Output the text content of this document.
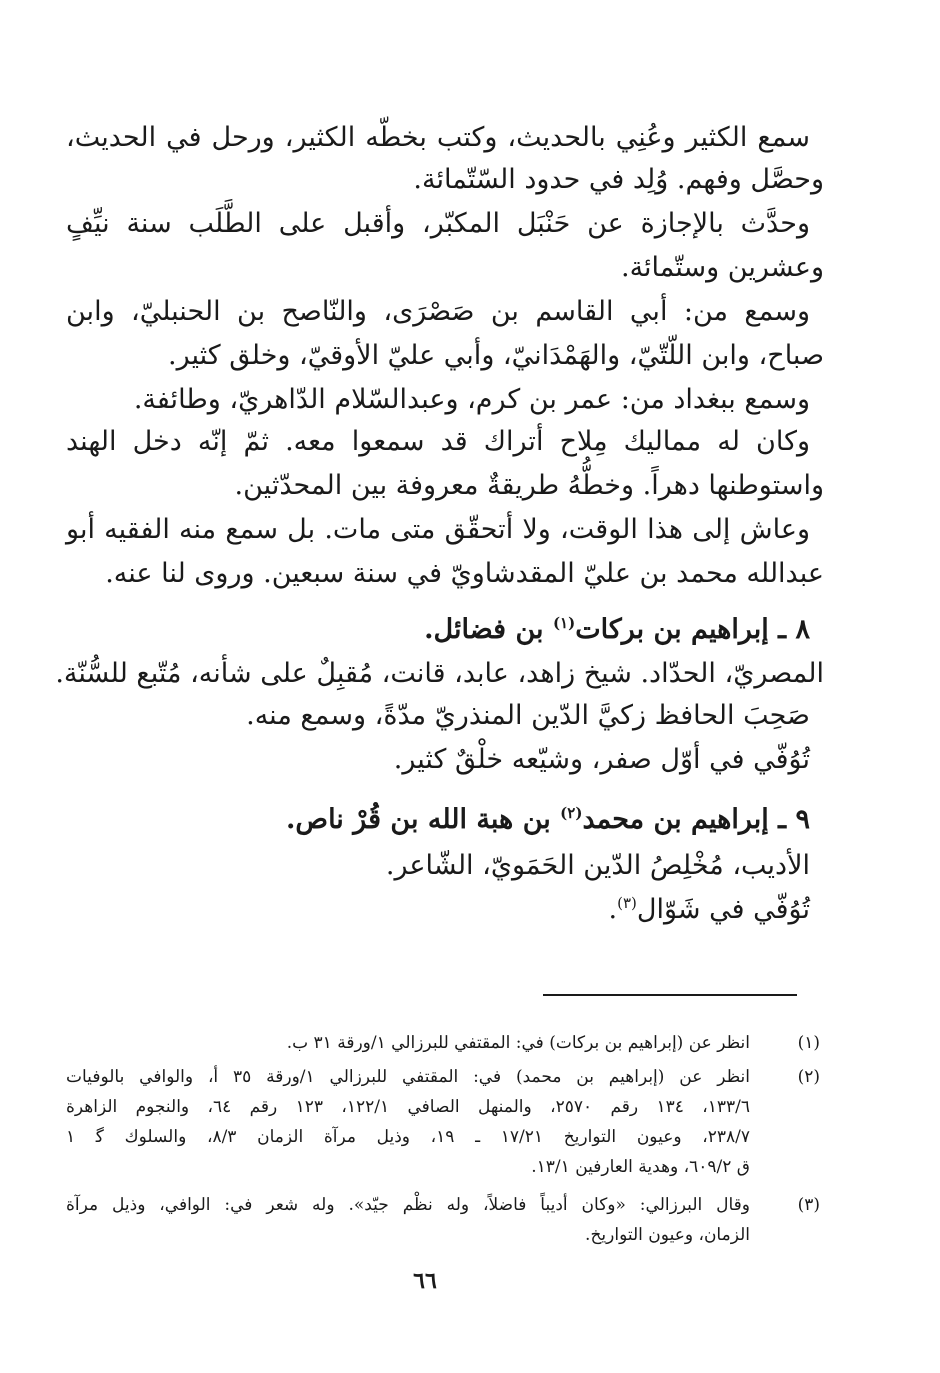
سمع الكثير وعُنِي بالحديث، وكتب بخطّه الكثير، ورحل في الحديث،
وحصَّل وفهم. وُلِد في حدود السّتّمائة.
وحدَّث بالإجازة عن حَنْبَل المكبّر، وأقبل على الطَّلَب سنة نيِّفٍ
وعشرين وستّمائة.
وسمع من: أبي القاسم بن صَصْرَى، والنّاصح بن الحنبليّ، وابن
صباح، وابن اللّتّيّ، والهَمْدَانيّ، وأبي عليّ الأوقيّ، وخلق كثير.
وسمع ببغداد من: عمر بن كرم، وعبدالسّلام الدّاهريّ، وطائفة.
وكان له مماليك مِلاح أتراك قد سمعوا معه. ثمّ إنّه دخل الهند
واستوطنها دهراً. وخطُّهُ طريقةٌ معروفة بين المحدّثين.
وعاش إلى هذا الوقت، ولا أتحقّق متى مات. بل سمع منه الفقيه أبو
عبدالله محمد بن عليّ المقدشاويّ في سنة سبعين. وروى لنا عنه.
٨ ـ إبراهيم بن بركات$^{(١)}$ بن فضائل.
المصريّ، الحدّاد. شيخ زاهد، عابد، قانت، مُقبِلٌ على شأنه، مُتّبع للسُّنّة.
صَحِبَ الحافظ زكيَّ الدّين المنذريّ مدّةً، وسمع منه.
تُوُفّي في أوّل صفر، وشيّعه خلْقٌ كثير.
٩ ـ إبراهيم بن محمد$^{(٢)}$ بن هبة الله بن قُرْ ناص.
الأديب، مُخْلِصُ الدّين الحَمَويّ، الشّاعر.
تُوُفّي في شَوّال$^{(٣)}$.
(١)
انظر عن (إبراهيم بن بركات) في: المقتفي للبرزالي ١/ورقة ٣١ ب.
(٢)
انظر عن (إبراهيم بن محمد) في: المقتفي للبرزالي ١/ورقة ٣٥ أ، والوافي بالوفيات
١٣٣/٦، ١٣٤ رقم ٢٥٧٠، والمنهل الصافي ١٢٢/١، ١٢٣ رقم ٦٤، والنجوم الزاهرة
٢٣٨/٧، وعيون التواريخ ١٧/٢١ ـ ١٩، وذيل مرآة الزمان ٨/٣، والسلوك ﮔ ١
ق ٦٠٩/٢، وهدية العارفين ١٣/١.
(٣)
وقال البرزالي: «وكان أديباً فاضلاً، وله نظْم جيّد». وله شعر في: الوافي، وذيل مرآة
الزمان، وعيون التواريخ.
٦٦
